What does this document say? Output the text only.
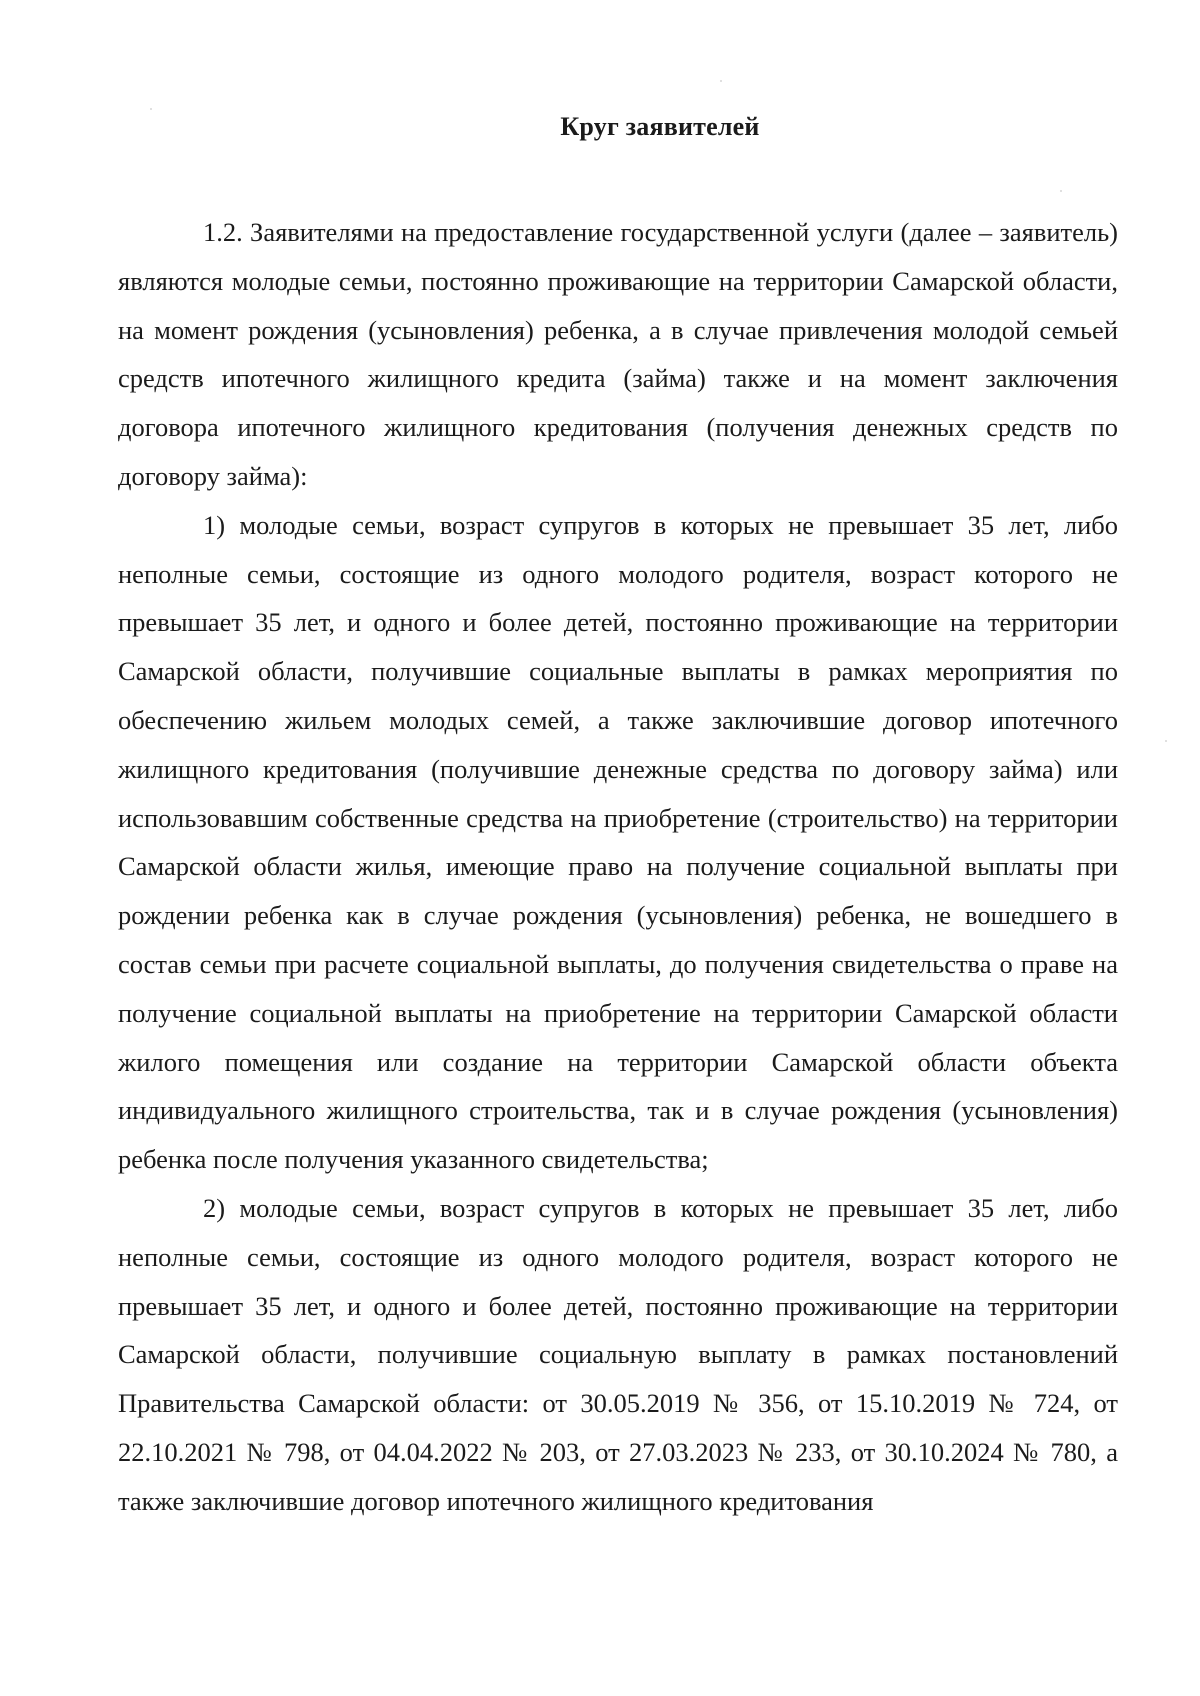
Круг заявителей

1.2. Заявителями на предоставление государственной услуги (далее – заявитель) являются молодые семьи, постоянно проживающие на территории Самарской области, на момент рождения (усыновления) ребенка, а в случае привлечения молодой семьей средств ипотечного жилищного кредита (займа) также и на момент заключения договора ипотечного жилищного кредитования (получения денежных средств по договору займа):

1) молодые семьи, возраст супругов в которых не превышает 35 лет, либо неполные семьи, состоящие из одного молодого родителя, возраст которого не превышает 35 лет, и одного и более детей, постоянно проживающие на территории Самарской области, получившие социальные выплаты в рамках мероприятия по обеспечению жильем молодых семей, а также заключившие договор ипотечного жилищного кредитования (получившие денежные средства по договору займа) или использовавшим собственные средства на приобретение (строительство) на территории Самарской области жилья, имеющие право на получение социальной выплаты при рождении ребенка как в случае рождения (усыновления) ребенка, не вошедшего в состав семьи при расчете социальной выплаты, до получения свидетельства о праве на получение социальной выплаты на приобретение на территории Самарской области жилого помещения или создание на территории Самарской области объекта индивидуального жилищного строительства, так и в случае рождения (усыновления) ребенка после получения указанного свидетельства;

2) молодые семьи, возраст супругов в которых не превышает 35 лет, либо неполные семьи, состоящие из одного молодого родителя, возраст которого не превышает 35 лет, и одного и более детей, постоянно проживающие на территории Самарской области, получившие социальную выплату в рамках постановлений Правительства Самарской области: от 30.05.2019 № 356, от 15.10.2019 № 724, от 22.10.2021 № 798, от 04.04.2022 № 203, от 27.03.2023 № 233, от 30.10.2024 № 780, а также заключившие договор ипотечного жилищного кредитования
